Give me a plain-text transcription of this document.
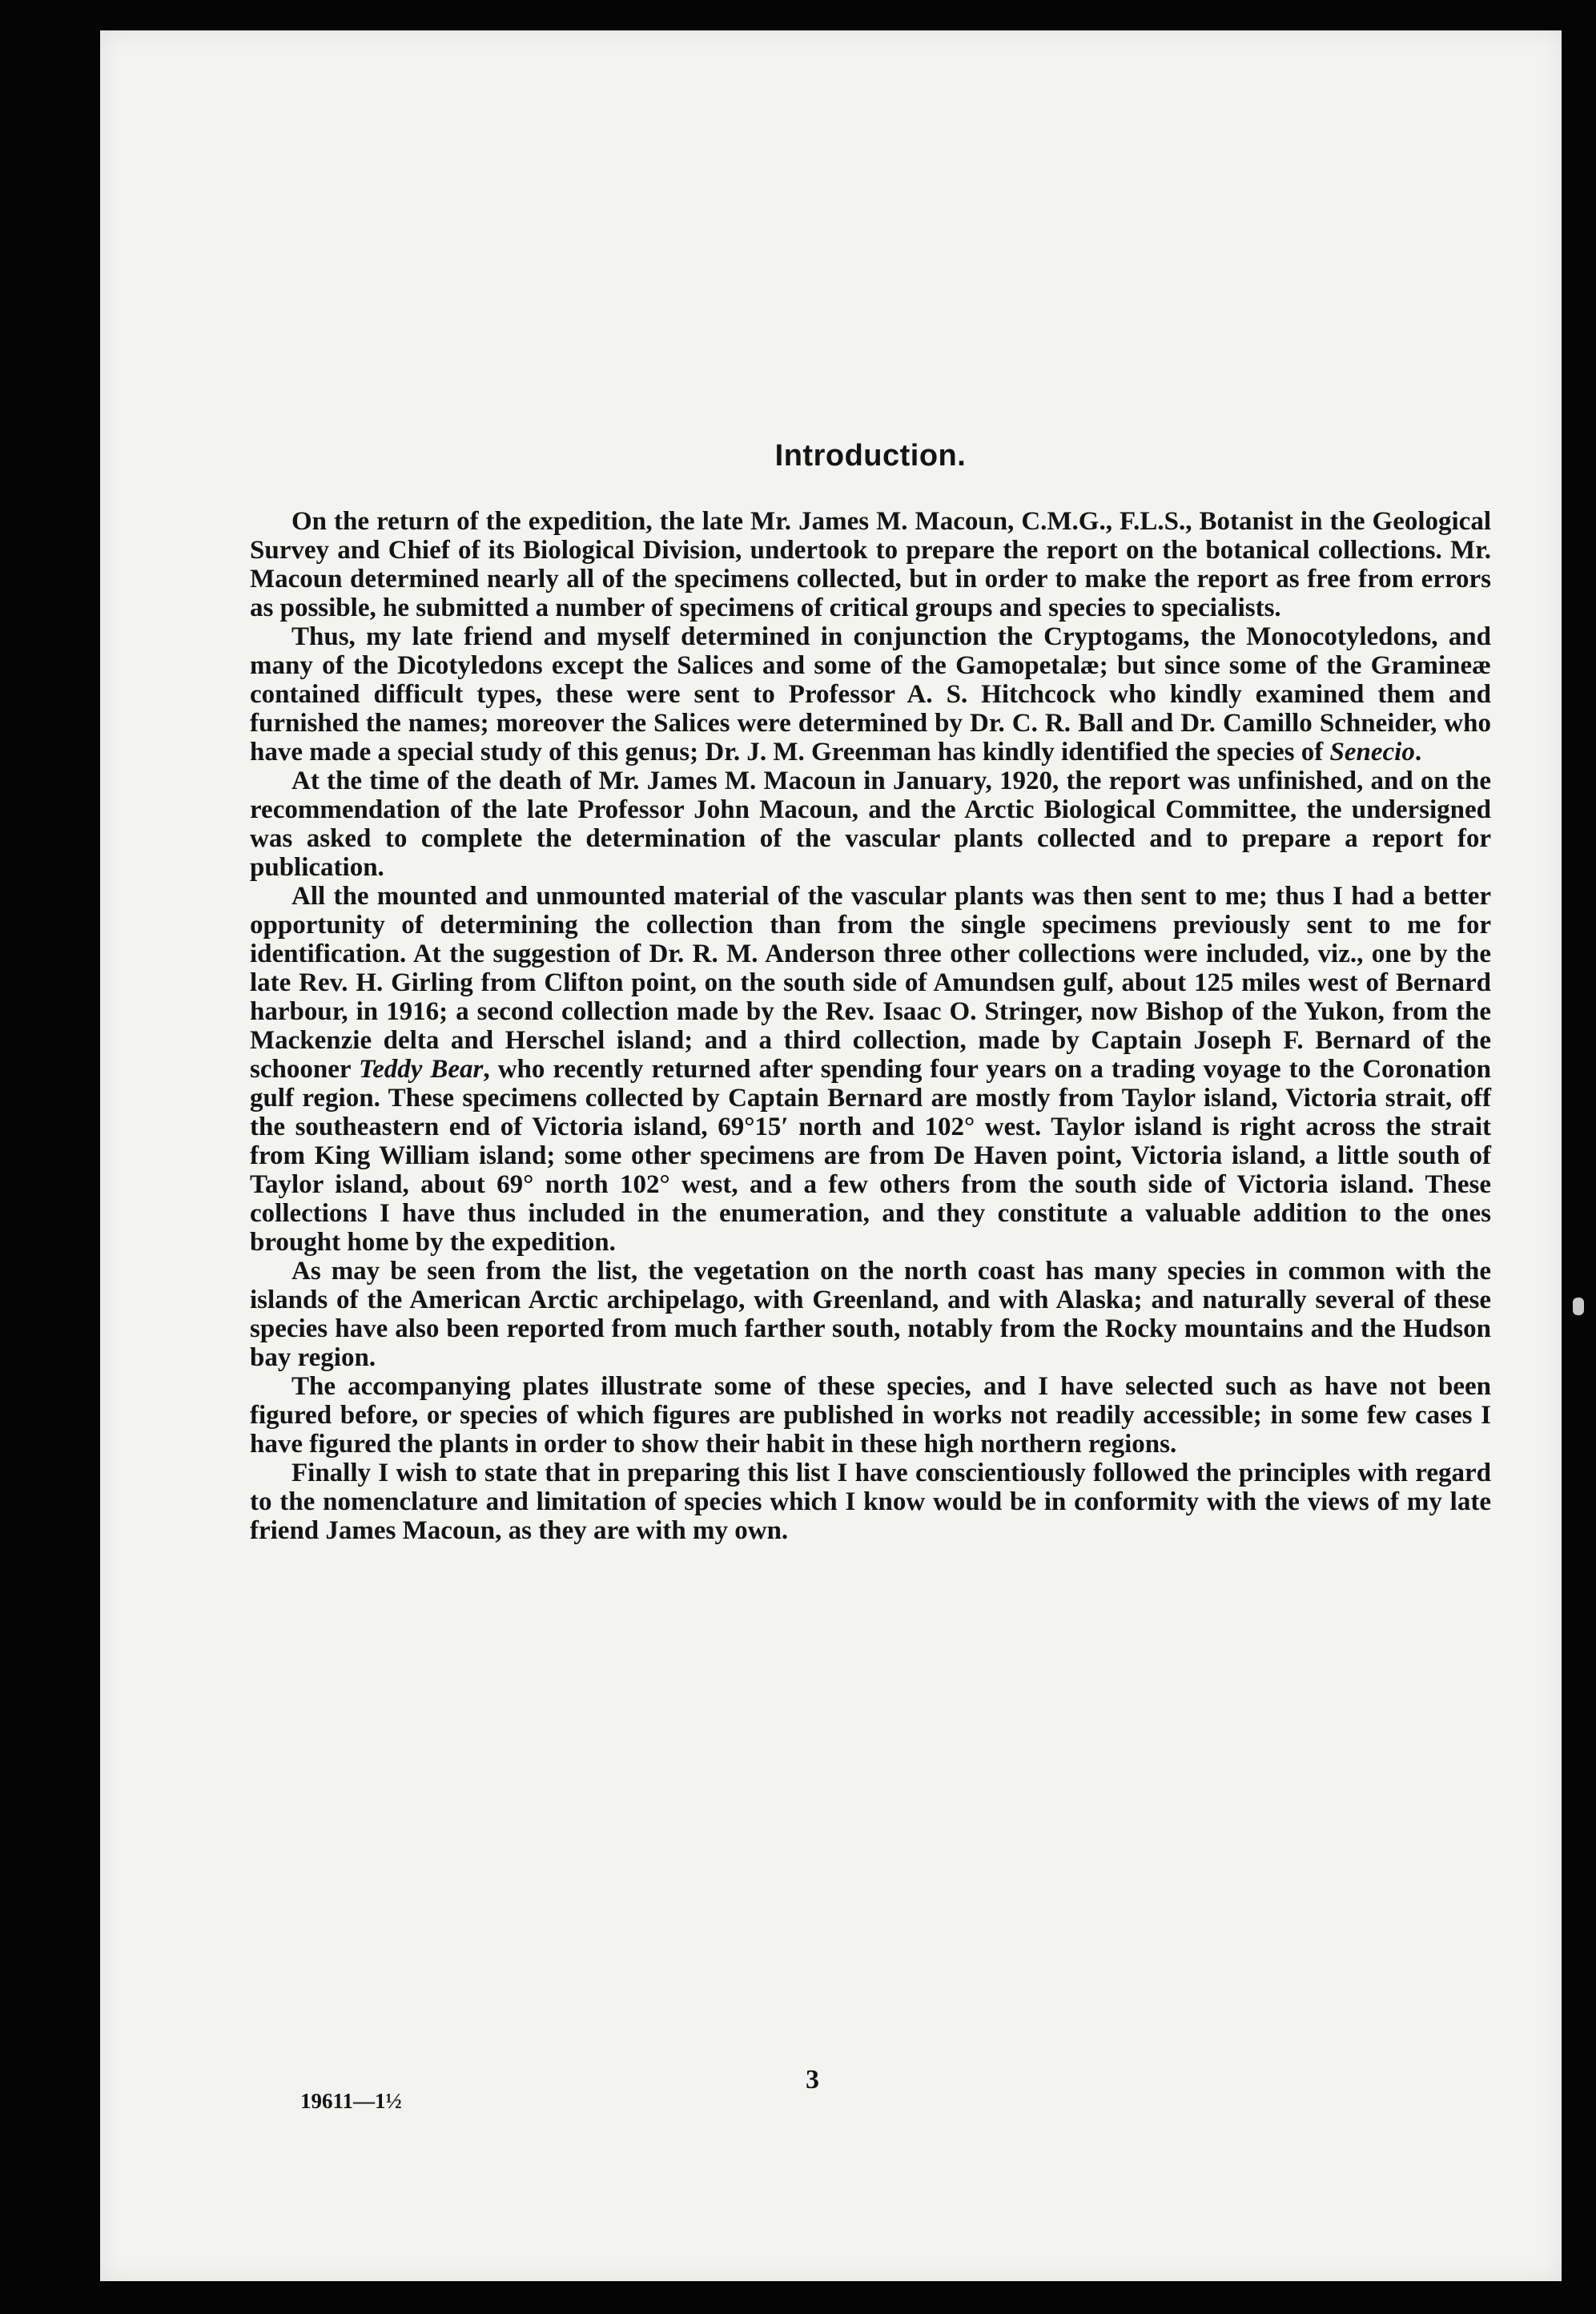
Introduction.

On the return of the expedition, the late Mr. James M. Macoun, C.M.G., F.L.S., Botanist in the Geological Survey and Chief of its Biological Division, undertook to prepare the report on the botanical collections. Mr. Macoun determined nearly all of the specimens collected, but in order to make the report as free from errors as possible, he submitted a number of specimens of critical groups and species to specialists.

Thus, my late friend and myself determined in conjunction the Cryptogams, the Monocotyledons, and many of the Dicotyledons except the Salices and some of the Gamopetalæ; but since some of the Gramineæ contained difficult types, these were sent to Professor A. S. Hitchcock who kindly examined them and furnished the names; moreover the Salices were determined by Dr. C. R. Ball and Dr. Camillo Schneider, who have made a special study of this genus; Dr. J. M. Greenman has kindly identified the species of Senecio.

At the time of the death of Mr. James M. Macoun in January, 1920, the report was unfinished, and on the recommendation of the late Professor John Macoun, and the Arctic Biological Committee, the undersigned was asked to complete the determination of the vascular plants collected and to prepare a report for publication.

All the mounted and unmounted material of the vascular plants was then sent to me; thus I had a better opportunity of determining the collection than from the single specimens previously sent to me for identification. At the suggestion of Dr. R. M. Anderson three other collections were included, viz., one by the late Rev. H. Girling from Clifton point, on the south side of Amundsen gulf, about 125 miles west of Bernard harbour, in 1916; a second collection made by the Rev. Isaac O. Stringer, now Bishop of the Yukon, from the Mackenzie delta and Herschel island; and a third collection, made by Captain Joseph F. Bernard of the schooner Teddy Bear, who recently returned after spending four years on a trading voyage to the Coronation gulf region. These specimens collected by Captain Bernard are mostly from Taylor island, Victoria strait, off the southeastern end of Victoria island, 69°15′ north and 102° west. Taylor island is right across the strait from King William island; some other specimens are from De Haven point, Victoria island, a little south of Taylor island, about 69° north 102° west, and a few others from the south side of Victoria island. These collections I have thus included in the enumeration, and they constitute a valuable addition to the ones brought home by the expedition.

As may be seen from the list, the vegetation on the north coast has many species in common with the islands of the American Arctic archipelago, with Greenland, and with Alaska; and naturally several of these species have also been reported from much farther south, notably from the Rocky mountains and the Hudson bay region.

The accompanying plates illustrate some of these species, and I have selected such as have not been figured before, or species of which figures are published in works not readily accessible; in some few cases I have figured the plants in order to show their habit in these high northern regions.

Finally I wish to state that in preparing this list I have conscientiously followed the principles with regard to the nomenclature and limitation of species which I know would be in conformity with the views of my late friend James Macoun, as they are with my own.

19611—1½
3
